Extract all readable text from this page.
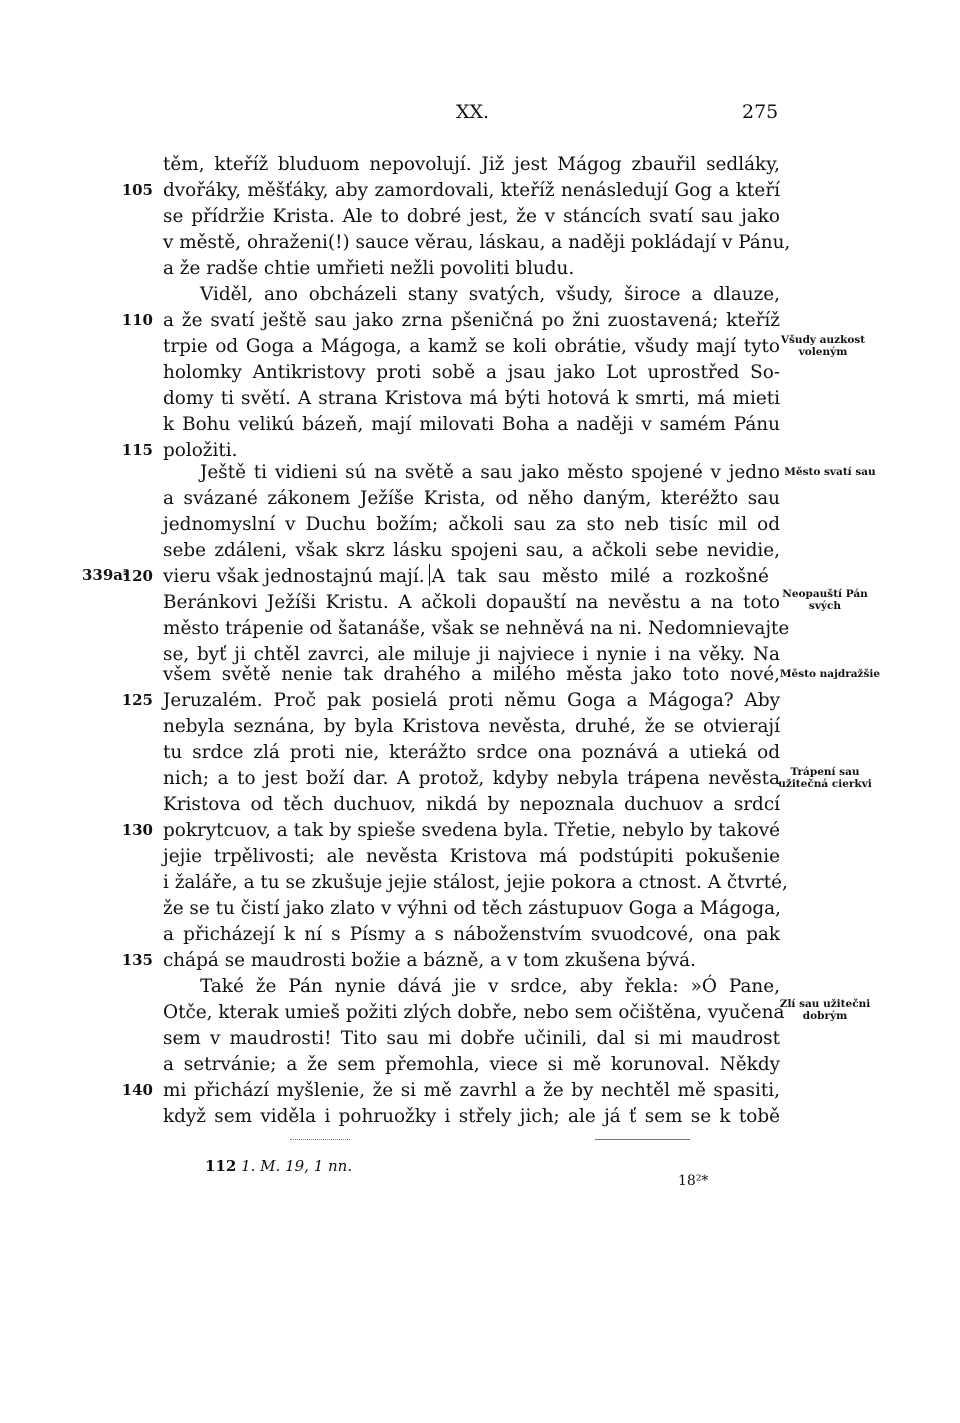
XX.	275
těm, kteříž bluduom nepovolují. Již jest Mágog zbauřil sedláky,
dvořáky, měšťáky, aby zamordovali, kteříž nenásledují Gog a kteří
se přídržie Krista. Ale to dobré jest, že v stáncích svatí sau jako
v městě, ohraženi(!) sauce věrau, láskau, a naději pokládají v Pánu,
a že radše chtie umřieti nežli povoliti bludu.
Viděl, ano obcházeli stany svatých, všudy, široce a dlauze,
a že svatí ještě sau jako zrna pšeničná po žni zuostavená; kteříž
trpie od Goga a Mágoga, a kamž se koli obrátie, všudy mají tyto
holomky Antikristovy proti sobě a jsau jako Lot uprostřed So-
domy ti světí. A strana Kristova má býti hotová k smrti, má mieti
k Bohu velikú bázeň, mají milovati Boha a naději v samém Pánu
položiti.
Ještě ti vidieni sú na světě a sau jako město spojené v jedno
a svázané zákonem Ježíše Krista, od něho daným, kteréžto sau
jednomyslní v Duchu božím; ačkoli sau za sto neb tisíc mil od
sebe zdáleni, však skrz lásku spojeni sau, a ačkoli sebe nevidie,
vieru však jednostajnú mají. A tak sau město milé a rozkošné
Beránkovi Ježíši Kristu. A ačkoli dopauští na nevěstu a na toto
město trápenie od šatanáše, však se nehněvá na ni. Nedomnievajte
se, byť ji chtěl zavrci, ale miluje ji najviece i nynie i na věky. Na
všem světě nenie tak drahého a milého města jako toto nové,
Jeruzalém. Proč pak posielá proti němu Goga a Mágoga? Aby
nebyla seznána, by byla Kristova nevěsta, druhé, že se otvierají
tu srdce zlá proti nie, kterážto srdce ona poznává a utieká od
nich; a to jest boží dar. A protož, kdyby nebyla trápena nevěsta
Kristova od těch duchuov, nikdá by nepoznala duchuov a srdcí
pokrytcuov, a tak by spieše svedena byla. Třetie, nebylo by takové
jejie trpělivosti; ale nevěsta Kristova má podstúpiti pokušenie
i žaláře, a tu se zkušuje jejie stálost, jejie pokora a ctnost. A čtvrté,
že se tu čistí jako zlato v výhni od těch zástupuov Goga a Mágoga,
a přicházejí k ní s Písmy a s náboženstvím svuodcové, ona pak
chápá se maudrosti božie a bázně, a v tom zkušena bývá.
Také že Pán nynie dává jie v srdce, aby řekla: »Ó Pane,
Otče, kterak umieš požiti zlých dobře, nebo sem očištěna, vyučena
sem v maudrosti! Tito sau mi dobře učinili, dal si mi maudrost
a setrvánie; a že sem přemohla, viece si mě korunoval. Někdy
mi přichází myšlenie, že si mě zavrhl a že by nechtěl mě spasiti,
když sem viděla i pohruožky i střely jich; ale já ť sem se k tobě
105
110
115
120
125
130
135
140
339a²
Všudy auzkost voleným
Město svatí sau
Neopauští Pán svých
Město najdražšie
Trápení sau užitečná cierkvi
Zlí sau užitečni dobrým
112 1. M. 19, 1 nn.
18²*
